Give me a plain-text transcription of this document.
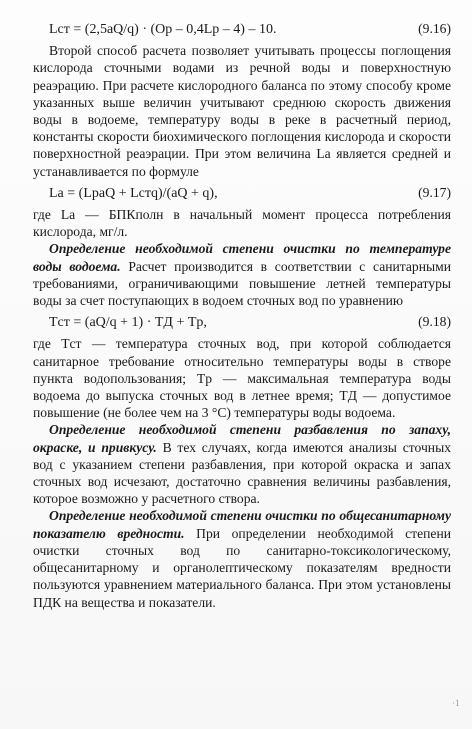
Lст = (2,5aQ/q) · (Oр – 0,4Lр – 4) – 10.	(9.16)

Второй способ расчета позволяет учитывать процессы поглощения кислорода сточными водами из речной воды и поверхностную реаэрацию. При расчете кислородного баланса по этому способу кроме указанных выше величин учитывают среднюю скорость движения воды в водоеме, температуру воды в реке в расчетный период, константы скорости биохимического поглощения кислорода и скорости поверхностной реаэрации. При этом величина Lа является средней и устанавливается по формуле

Lа = (LрaQ + Lстq)/(aQ + q),	(9.17)

где Lа — БПКполн в начальный момент процесса потребления кислорода, мг/л.

Определение необходимой степени очистки по температуре воды водоема. Расчет производится в соответствии с санитарными требованиями, ограничивающими повышение летней температуры воды за счет поступающих в водоем сточных вод по уравнению

Tст = (aQ/q + 1) · TД + Tр,	(9.18)

где Tст — температура сточных вод, при которой соблюдается санитарное требование относительно температуры воды в створе пункта водопользования; Tр — максимальная температура воды водоема до выпуска сточных вод в летнее время; TД — допустимое повышение (не более чем на 3 °С) температуры воды водоема.

Определение необходимой степени разбавления по запаху, окраске, и привкусу. В тех случаях, когда имеются анализы сточных вод с указанием степени разбавления, при которой окраска и запах сточных вод исчезают, достаточно сравнения величины разбавления, которое возможно у расчетного створа.

Определение необходимой степени очистки по общесанитарному показателю вредности. При определении необходимой степени очистки сточных вод по санитарно-токсикологическому, общесанитарному и органолептическому показателям вредности пользуются уравнением материального баланса. При этом установлены ПДК на вещества и показатели.

·1
